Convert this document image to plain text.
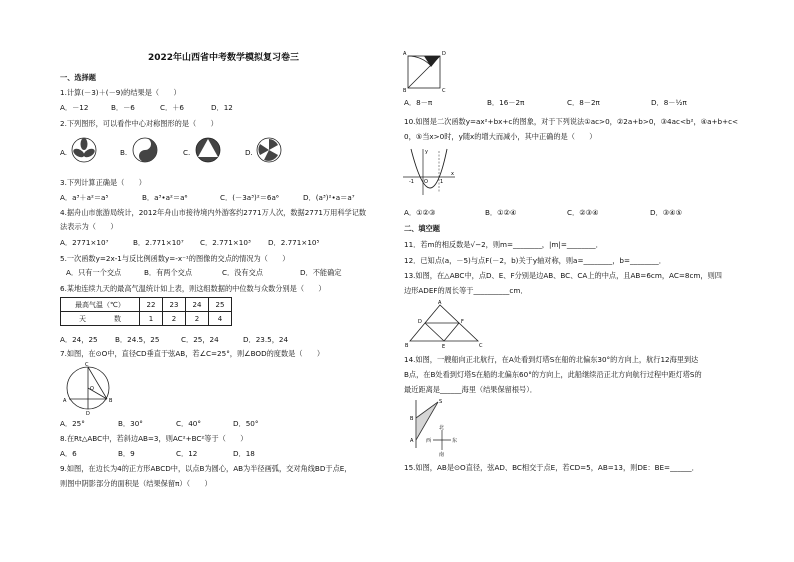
2022年山西省中考数学模拟复习卷三
一、选择题
1.计算(－3)＋(－9)的结果是（　　）
A．－12	B．－6	C．＋6	D．12
2.下列图形，可以看作中心对称图形的是（　　）
A.	B.	C.	D.
3.下列计算正确是（　　）
A．a³＋a²＝a⁵	B．a³•a²＝a⁶	C．(－3a³)²＝6a⁶	D．(a³)²•a＝a⁷
4.据舟山市旅游局统计，2012年舟山市接待境内外游客约2771万人次，数据2771万用科学记数
法表示为（　　）
A．2771×10⁷	B．2.771×10⁷ C．2.771×10³ D．2.771×10⁵
5.一次函数y=2x-1与反比例函数y=-x⁻¹的图像的交点的情况为（　　）
A．只有一个交点	B．有两个交点	C．没有交点	D．不能确定
6.某地连续九天的最高气温统计如上表，则这组数据的中位数与众数分别是（　　）
最高气温（℃）	22	23	24	25
天　　　　数	1	2	2	4
A．24，25 B．24.5，25	C．25，24	D．23.5，24
7.如图，在⊙O中，直径CD垂直于弦AB，若∠C=25°，则∠BOD的度数是（　　）
C
O
A	B
D
A．25°	B．30°	C．40°	D．50°
8.在Rt△ABC中，若斜边AB=3，则AC²+BC²等于（　　）
A．6	B．9	C．12	D．18
9.如图，在边长为4的正方形ABCD中，以点B为圆心，AB为半径画弧，交对角线BD于点E，
则图中阴影部分的面积是（结果保留π）（　　）
A	D
B	C
A．8－π	B．16－2π	C．8－2π	D．8－½π
10.如图是二次函数y=ax²+bx+c的图象，对于下列说法①ac>0，②2a+b>0，③4ac<b²，④a+b+c<
0，⑤当x>0时，y随x的增大而减小，其中正确的是（　　）
y
-1 O 1
x
A．①②③	B．①②④	C．②③④	D．③④⑤
二、填空题
11．若m的相反数是√−2，则m=________，|m|=________．
12．已知点(a，－5)与点F(－2，b)关于y轴对称，则a=________，b=________．
13.如图，在△ABC中，点D、E、F分别是边AB、BC、CA上的中点，且AB=6cm，AC=8cm，则四
边形ADEF的周长等于__________cm．
A
D	F
B	E	C
14.如图，一艘船向正北航行，在A处看到灯塔S在船的北偏东30°的方向上，航行12海里到达
B点，在B处看到灯塔S在船的北偏东60°的方向上，此船继续沿正北方向航行过程中距灯塔S的
最近距离是______海里（结果保留根号）．
S
B
A
北
西	东
南
15.如图，AB是⊙O直径，弦AD、BC相交于点E，若CD=5，AB=13，则DE：BE=______．
